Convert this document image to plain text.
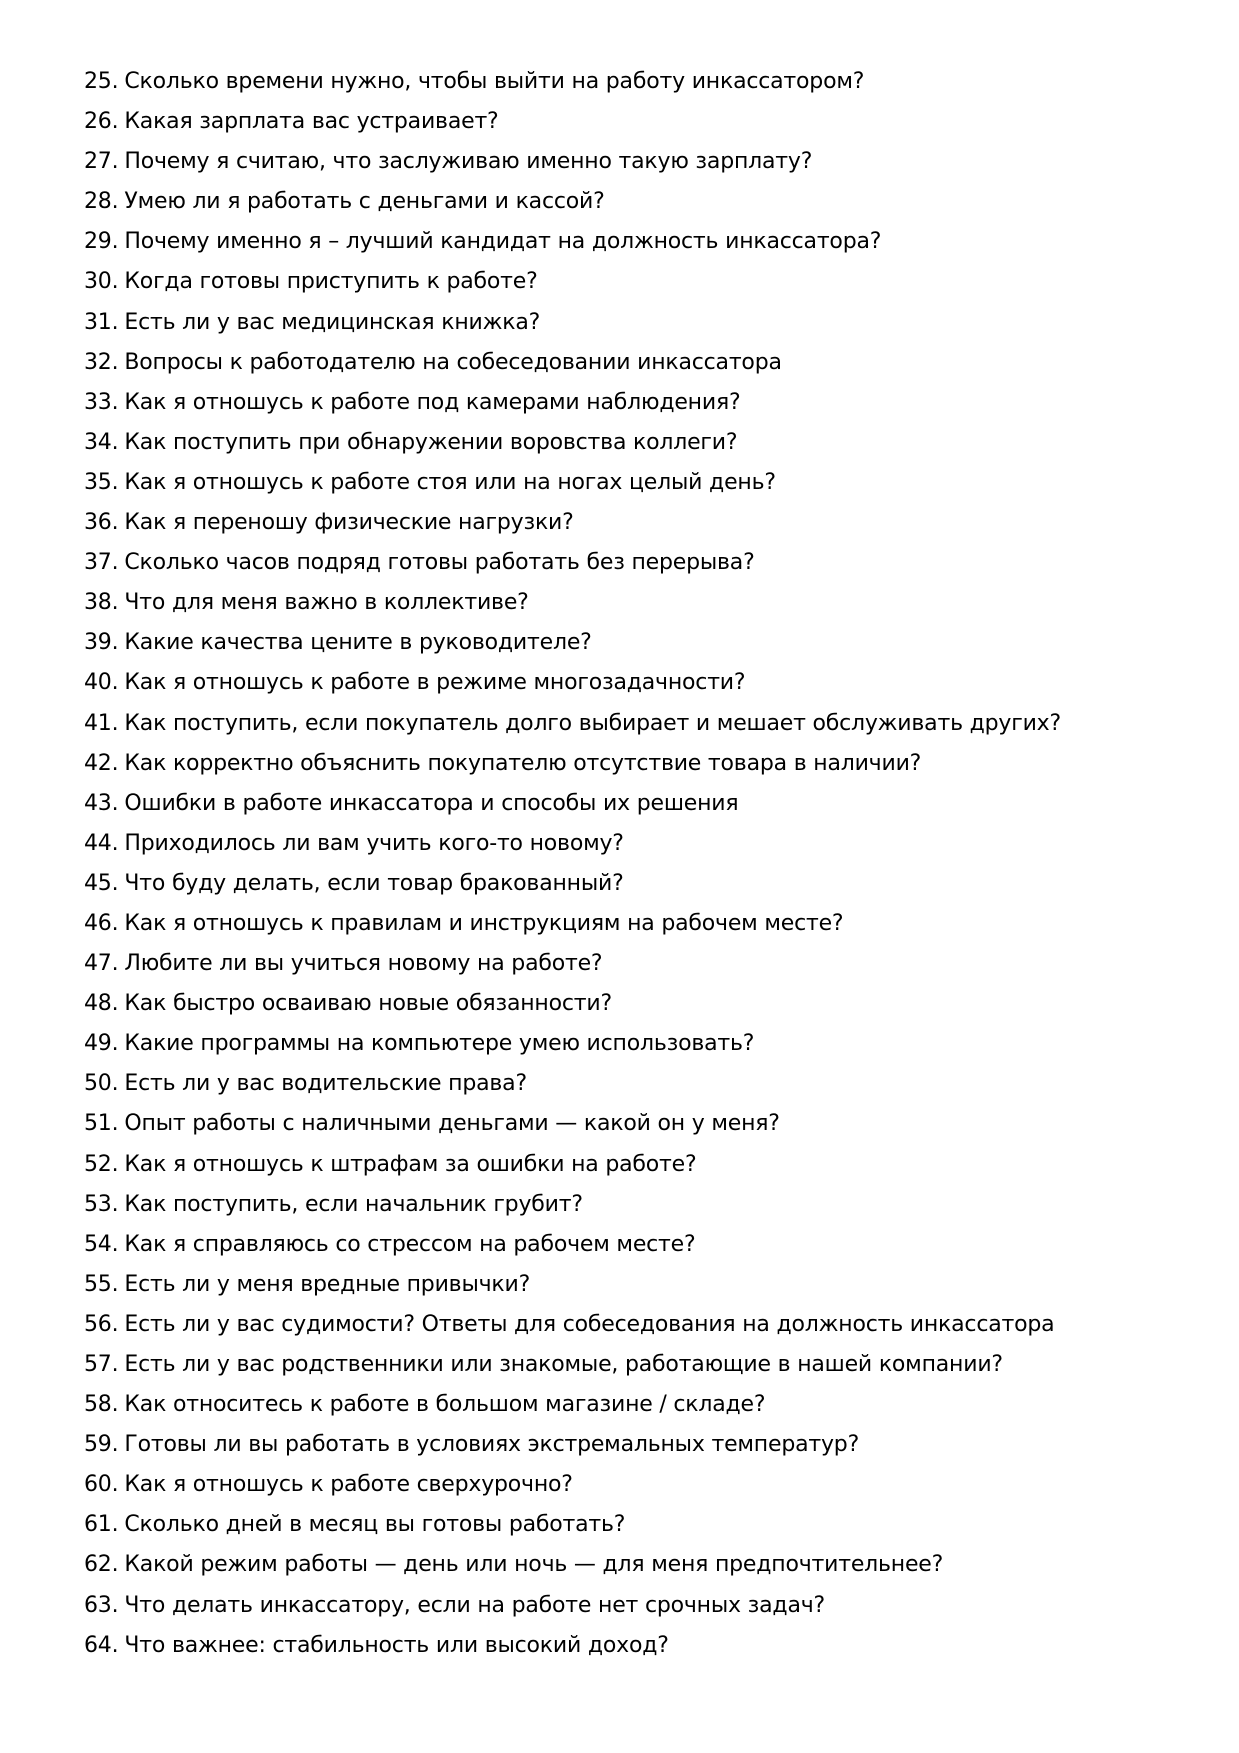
25. Сколько времени нужно, чтобы выйти на работу инкассатором?
26. Какая зарплата вас устраивает?
27. Почему я считаю, что заслуживаю именно такую зарплату?
28. Умею ли я работать с деньгами и кассой?
29. Почему именно я – лучший кандидат на должность инкассатора?
30. Когда готовы приступить к работе?
31. Есть ли у вас медицинская книжка?
32. Вопросы к работодателю на собеседовании инкассатора
33. Как я отношусь к работе под камерами наблюдения?
34. Как поступить при обнаружении воровства коллеги?
35. Как я отношусь к работе стоя или на ногах целый день?
36. Как я переношу физические нагрузки?
37. Сколько часов подряд готовы работать без перерыва?
38. Что для меня важно в коллективе?
39. Какие качества цените в руководителе?
40. Как я отношусь к работе в режиме многозадачности?
41. Как поступить, если покупатель долго выбирает и мешает обслуживать других?
42. Как корректно объяснить покупателю отсутствие товара в наличии?
43. Ошибки в работе инкассатора и способы их решения
44. Приходилось ли вам учить кого-то новому?
45. Что буду делать, если товар бракованный?
46. Как я отношусь к правилам и инструкциям на рабочем месте?
47. Любите ли вы учиться новому на работе?
48. Как быстро осваиваю новые обязанности?
49. Какие программы на компьютере умею использовать?
50. Есть ли у вас водительские права?
51. Опыт работы с наличными деньгами — какой он у меня?
52. Как я отношусь к штрафам за ошибки на работе?
53. Как поступить, если начальник грубит?
54. Как я справляюсь со стрессом на рабочем месте?
55. Есть ли у меня вредные привычки?
56. Есть ли у вас судимости? Ответы для собеседования на должность инкассатора
57. Есть ли у вас родственники или знакомые, работающие в нашей компании?
58. Как относитесь к работе в большом магазине / складе?
59. Готовы ли вы работать в условиях экстремальных температур?
60. Как я отношусь к работе сверхурочно?
61. Сколько дней в месяц вы готовы работать?
62. Какой режим работы — день или ночь — для меня предпочтительнее?
63. Что делать инкассатору, если на работе нет срочных задач?
64. Что важнее: стабильность или высокий доход?
